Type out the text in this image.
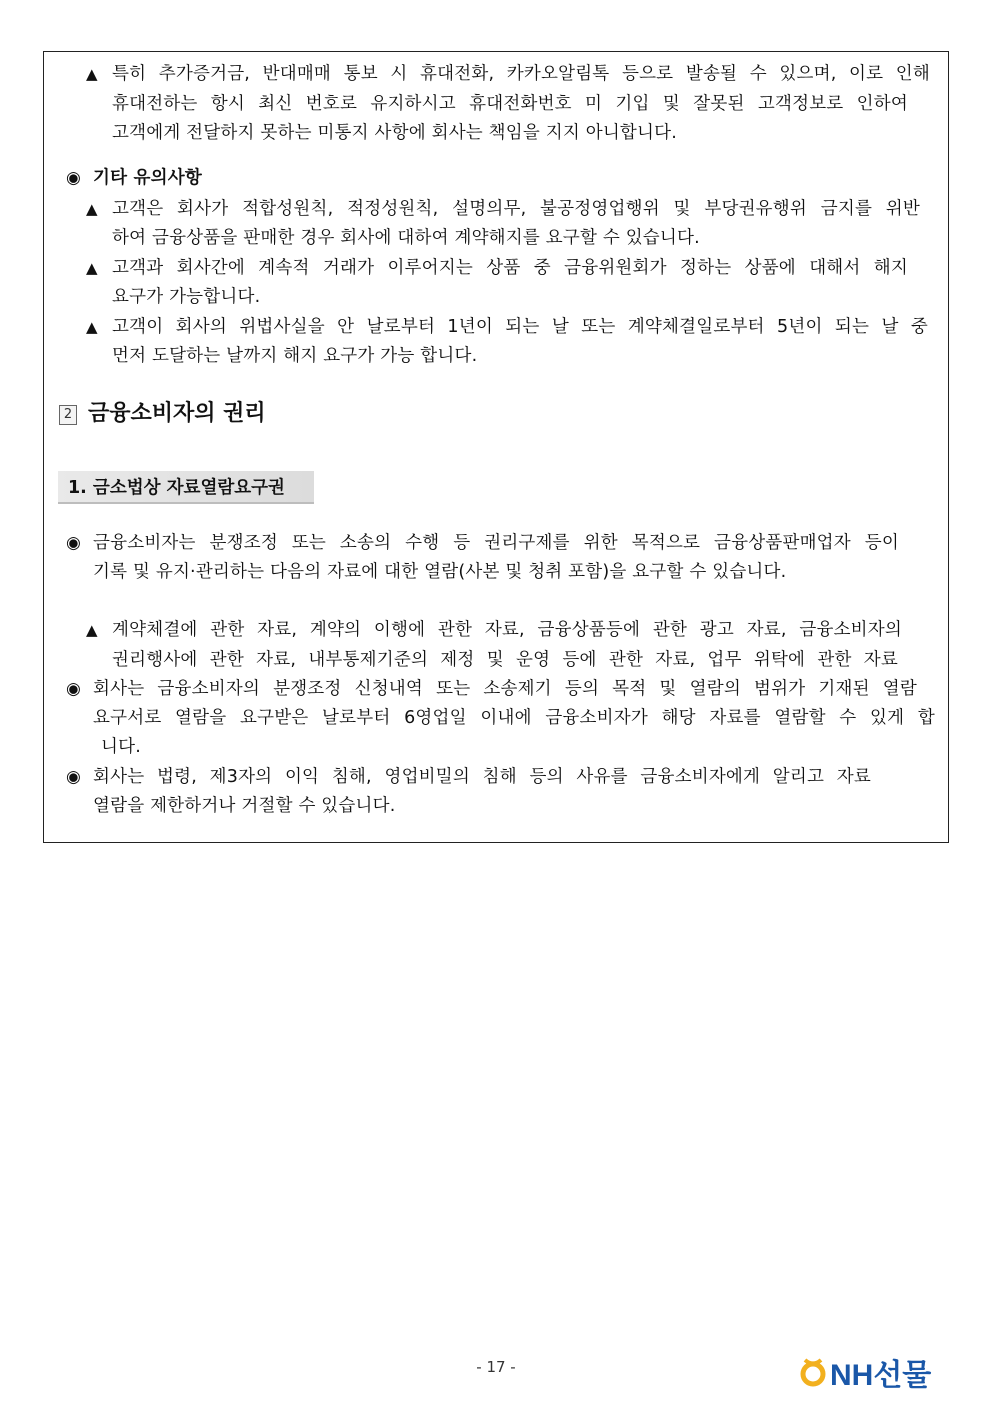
▲ 특히 추가증거금, 반대매매 통보 시 휴대전화, 카카오알림톡 등으로 발송될 수 있으며, 이로 인해
휴대전하는 항시 최신 번호로 유지하시고 휴대전화번호 미 기입 및 잘못된 고객정보로 인하여
고객에게 전달하지 못하는 미통지 사항에 회사는 책임을 지지 아니합니다.
◉ 기타 유의사항
▲ 고객은 회사가 적합성원칙, 적정성원칙, 설명의무, 불공정영업행위 및 부당권유행위 금지를 위반
하여 금융상품을 판매한 경우 회사에 대하여 계약해지를 요구할 수 있습니다.
▲ 고객과 회사간에 계속적 거래가 이루어지는 상품 중 금융위원회가 정하는 상품에 대해서 해지
요구가 가능합니다.
▲ 고객이 회사의 위법사실을 안 날로부터 1년이 되는 날 또는 계약체결일로부터 5년이 되는 날 중
먼저 도달하는 날까지 해지 요구가 가능 합니다.
2 금융소비자의 권리
1. 금소법상 자료열람요구권
◉ 금융소비자는 분쟁조정 또는 소송의 수행 등 권리구제를 위한 목적으로 금융상품판매업자 등이
기록 및 유지·관리하는 다음의 자료에 대한 열람(사본 및 청취 포함)을 요구할 수 있습니다.
▲ 계약체결에 관한 자료, 계약의 이행에 관한 자료, 금융상품등에 관한 광고 자료, 금융소비자의
권리행사에 관한 자료, 내부통제기준의 제정 및 운영 등에 관한 자료, 업무 위탁에 관한 자료
◉ 회사는 금융소비자의 분쟁조정 신청내역 또는 소송제기 등의 목적 및 열람의 범위가 기재된 열람
요구서로 열람을 요구받은 날로부터 6영업일 이내에 금융소비자가 해당 자료를 열람할 수 있게 합
니다.
◉ 회사는 법령, 제3자의 이익 침해, 영업비밀의 침해 등의 사유를 금융소비자에게 알리고 자료
열람을 제한하거나 거절할 수 있습니다.
- 17 -	NH선물
